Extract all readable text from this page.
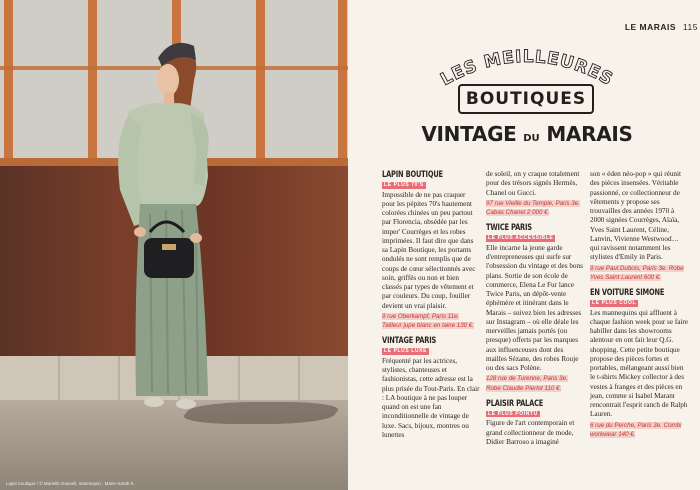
Lapin boutique / © Marielle Gaevell, mannequin : Marie-Sarah K.
LE MARAIS 115
LES MEILLEURES
BOUTIQUES
VINTAGE DU MARAIS
LAPIN BOUTIQUE
LE PLUS 70'S

Impossible de ne pas craquer pour les pépites 70's hautement colorées chinées un peu partout par Florencia, obsédée par les imper' Courrèges et les robes imprimées. Il faut dire que dans sa Lapin Boutique, les portants ondulés ne sont remplis que de coups de cœur sélectionnés avec soin, griffés ou non et bien classés par types de vêtement et par couleurs. Du coup, fouiller devient un vrai plaisir.

9 rue Oberkampf, Paris 11e. Tailleur jupe blanc en laine 130 €.
VINTAGE PARIS
LE PLUS LUXE

Fréquenté par les actrices, stylistes, chanteuses et fashionistas, cette adresse est la plus prisée du Tout-Paris. En clair : LA boutique à ne pas louper quand on est une fan inconditionnelle de vintage de luxe. Sacs, bijoux, montres ou lunettes

de soleil, on y craque totalement pour des trésors signés Hermès, Chanel ou Gucci.

97 rue Vieille du Temple, Paris 3e. Cabas Chanel 2 000 €.
TWICE PARIS
LE PLUS ACCESSIBLE

Elle incarne la jeune garde d'entrepreneuses qui surfe sur l'obsession du vintage et des bons plans. Sortie de son école de commerce, Elena Le Fur lance Twice Paris, un dépôt-vente éphémère et itinérant dans le Marais – suivez bien les adresses sur Instagram – où elle déale les merveilles jamais portés (ou presque) offerts par les marques aux influenceuses dont des mailles Sézane, des robes Rouje ou des sacs Polène.

128 rue de Turenne, Paris 3e. Robe Claudie Pierlot 110 €.
PLAISIR PALACE
LE PLUS POINTU

Figure de l'art contemporain et grand collectionneur de mode, Didier Barroso a imaginé

son « éden néo-pop » qui réunit des pièces insensées. Véritable passionné, ce collectionneur de vêtements y propose ses trouvailles des années 1970 à 2000 signées Courrèges, Alaïa, Yves Saint Laurent, Céline, Lanvin, Vivienne Westwood… qui ravissent notamment les stylistes d'Emily in Paris.

9 rue Paul Dubois, Paris 3e. Robe Yves Saint Laurent 600 €.
EN VOITURE SIMONE
LE PLUS COOL

Les mannequins qui affluent à chaque fashion week pour se faire habiller dans les showrooms alentour en ont fait leur Q.G. shopping. Cette petite boutique propose des pièces fortes et portables, mélangeant aussi bien le t-shirts Mickey collector à des vestes à franges et des pièces en jean, comme si Isabel Marant rencontrait l'esprit ranch de Ralph Lauren.

6 rue du Perche, Paris 3e. Combi workwear 140 €.
